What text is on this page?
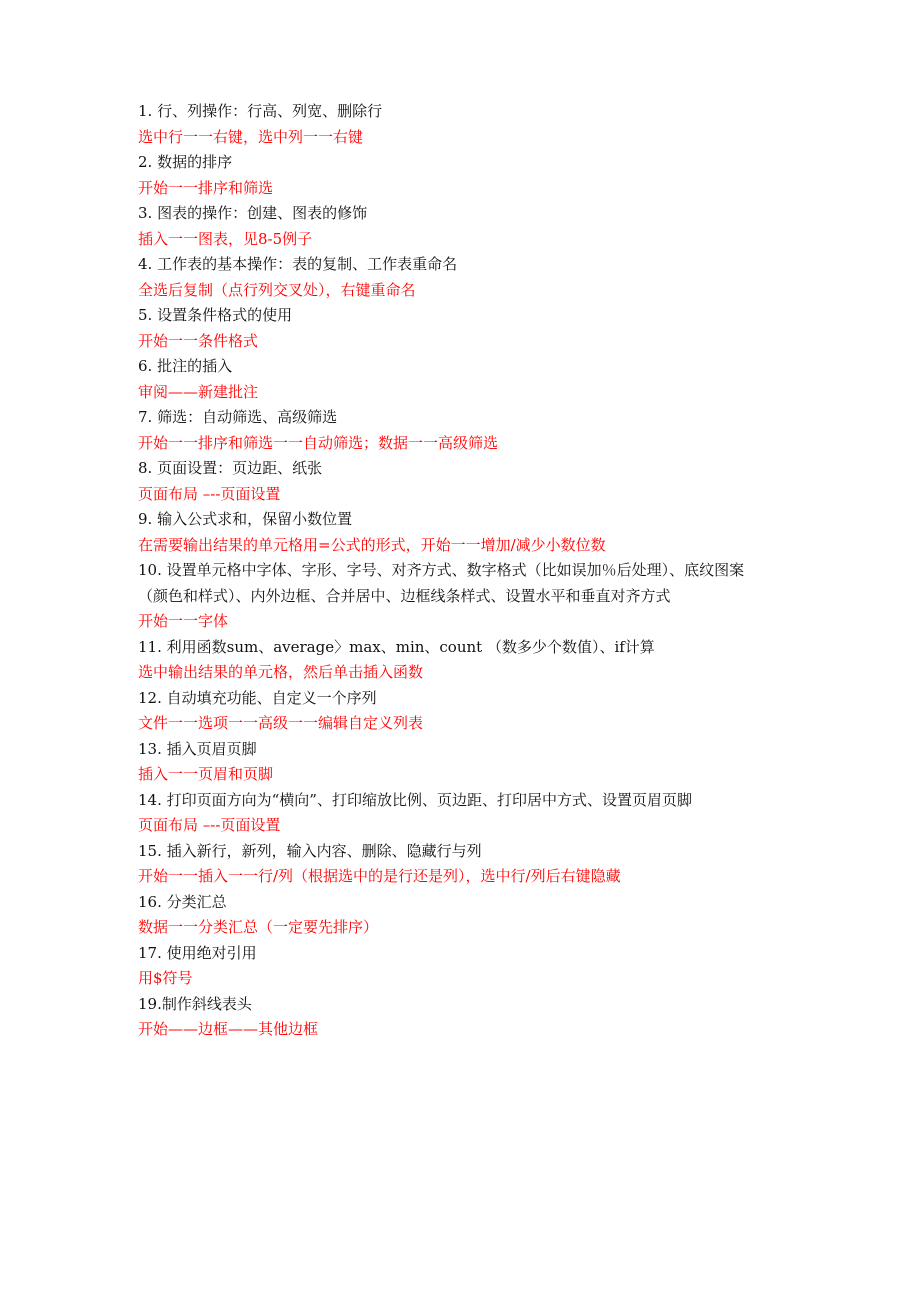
1. 行、列操作：行高、列宽、删除行
选中行一一右键，选中列一一右键
2. 数据的排序
开始一一排序和筛选
3. 图表的操作：创建、图表的修饰
插入一一图表，见8-5例子
4. 工作表的基本操作：表的复制、工作表重命名
全选后复制（点行列交叉处），右键重命名
5. 设置条件格式的使用
开始一一条件格式
6. 批注的插入
审阅——新建批注
7. 筛选：自动筛选、高级筛选
开始一一排序和筛选一一自动筛选；数据一一高级筛选
8. 页面设置：页边距、纸张
页面布局 –--页面设置
9. 输入公式求和，保留小数位置
在需要输出结果的单元格用=公式的形式，开始一一增加/减少小数位数
10. 设置单元格中字体、字形、字号、对齐方式、数字格式（比如误加％后处理）、底纹图案
（颜色和样式）、内外边框、合并居中、边框线条样式、设置水平和垂直对齐方式
开始一一字体
11. 利用函数sum、average〉max、min、count （数多少个数值）、if计算
选中输出结果的单元格，然后单击插入函数
12. 自动填充功能、自定义一个序列
文件一一选项一一高级一一编辑自定义列表
13. 插入页眉页脚
插入一一页眉和页脚
14. 打印页面方向为“横向”、打印缩放比例、页边距、打印居中方式、设置页眉页脚
页面布局 –--页面设置
15. 插入新行，新列，输入内容、删除、隐藏行与列
开始一一插入一一行/列（根据选中的是行还是列），选中行/列后右键隐藏
16. 分类汇总
数据一一分类汇总（一定要先排序）
17. 使用绝对引用
用$符号
19.制作斜线表头
开始——边框——其他边框
